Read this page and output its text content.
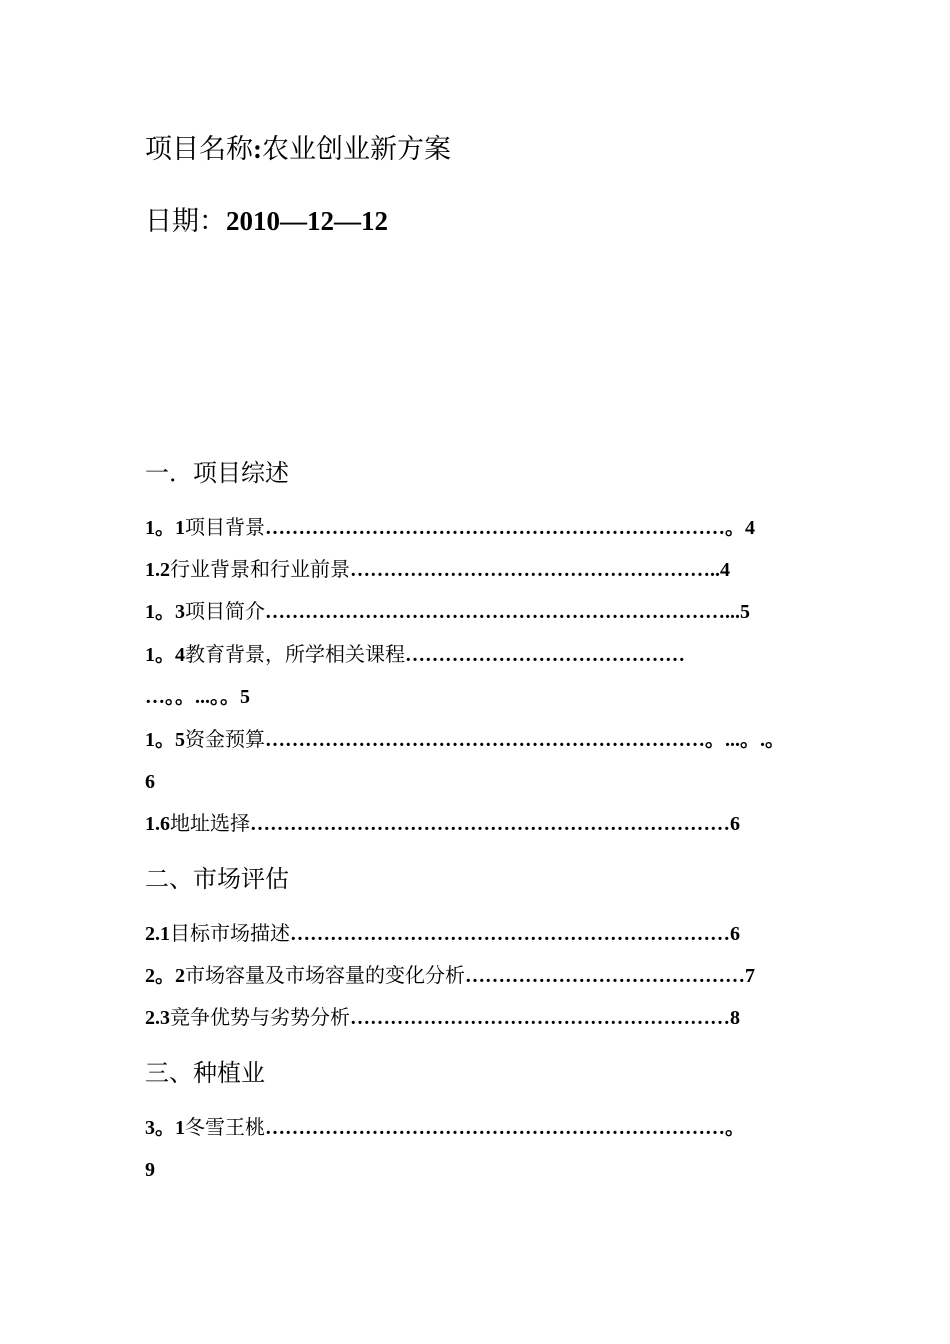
项目名称:农业创业新方案
日期：2010—12—12
一．项目综述
1。1项目背景……………………………………………………………。4
1.2行业背景和行业前景………………………………………………..4
1。3项目简介……………………………………………………………...5
1。4教育背景，所学相关课程……………………………………
…。。...。。5
1。5资金预算…………………………………………………………。...。.。
6
1.6地址选择………………………………………………………………6
二、市场评估
2.1目标市场描述…………………………………………………………6
2。2市场容量及市场容量的变化分析……………………………………7
2.3竞争优势与劣势分析…………………………………………………8
三、种植业
3。1冬雪王桃……………………………………………………………。
9
